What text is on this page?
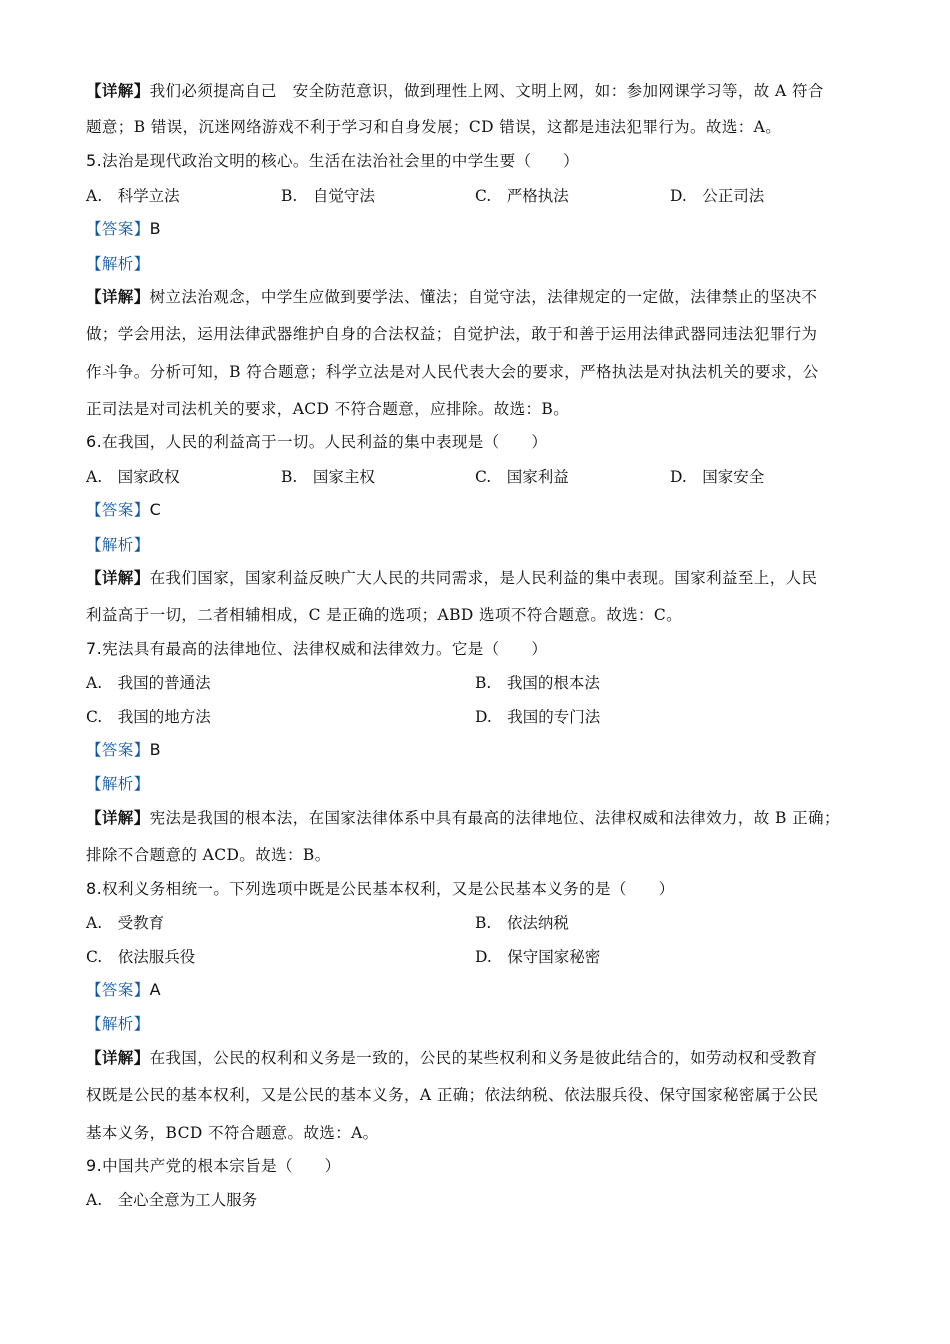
【详解】我们必须提高自己　安全防范意识，做到理性上网、文明上网，如：参加网课学习等，故 A 符合
题意；B 错误，沉迷网络游戏不利于学习和自身发展；CD 错误，这都是违法犯罪行为。故选：A。
5.法治是现代政治文明的核心。生活在法治社会里的中学生要（　　）
A.　科学立法	B.　自觉守法	C.　严格执法	D.　公正司法
【答案】B
【解析】
【详解】树立法治观念，中学生应做到要学法、懂法；自觉守法，法律规定的一定做，法律禁止的坚决不
做；学会用法，运用法律武器维护自身的合法权益；自觉护法，敢于和善于运用法律武器同违法犯罪行为
作斗争。分析可知，B 符合题意；科学立法是对人民代表大会的要求，严格执法是对执法机关的要求，公
正司法是对司法机关的要求，ACD 不符合题意，应排除。故选：B。
6.在我国，人民的利益高于一切。人民利益的集中表现是（　　）
A.　国家政权	B.　国家主权	C.　国家利益	D.　国家安全
【答案】C
【解析】
【详解】在我们国家，国家利益反映广大人民的共同需求，是人民利益的集中表现。国家利益至上，人民
利益高于一切，二者相辅相成，C 是正确的选项；ABD 选项不符合题意。故选：C。
7.宪法具有最高的法律地位、法律权威和法律效力。它是（　　）
A.　我国的普通法	B.　我国的根本法
C.　我国的地方法	D.　我国的专门法
【答案】B
【解析】
【详解】宪法是我国的根本法，在国家法律体系中具有最高的法律地位、法律权威和法律效力，故 B 正确；
排除不合题意的 ACD。故选：B。
8.权利义务相统一。下列选项中既是公民基本权利，又是公民基本义务的是（　　）
A.　受教育	B.　依法纳税
C.　依法服兵役	D.　保守国家秘密
【答案】A
【解析】
【详解】在我国，公民的权利和义务是一致的，公民的某些权利和义务是彼此结合的，如劳动权和受教育
权既是公民的基本权利，又是公民的基本义务，A 正确；依法纳税、依法服兵役、保守国家秘密属于公民
基本义务，BCD 不符合题意。故选：A。
9.中国共产党的根本宗旨是（　　）
A.　全心全意为工人服务
